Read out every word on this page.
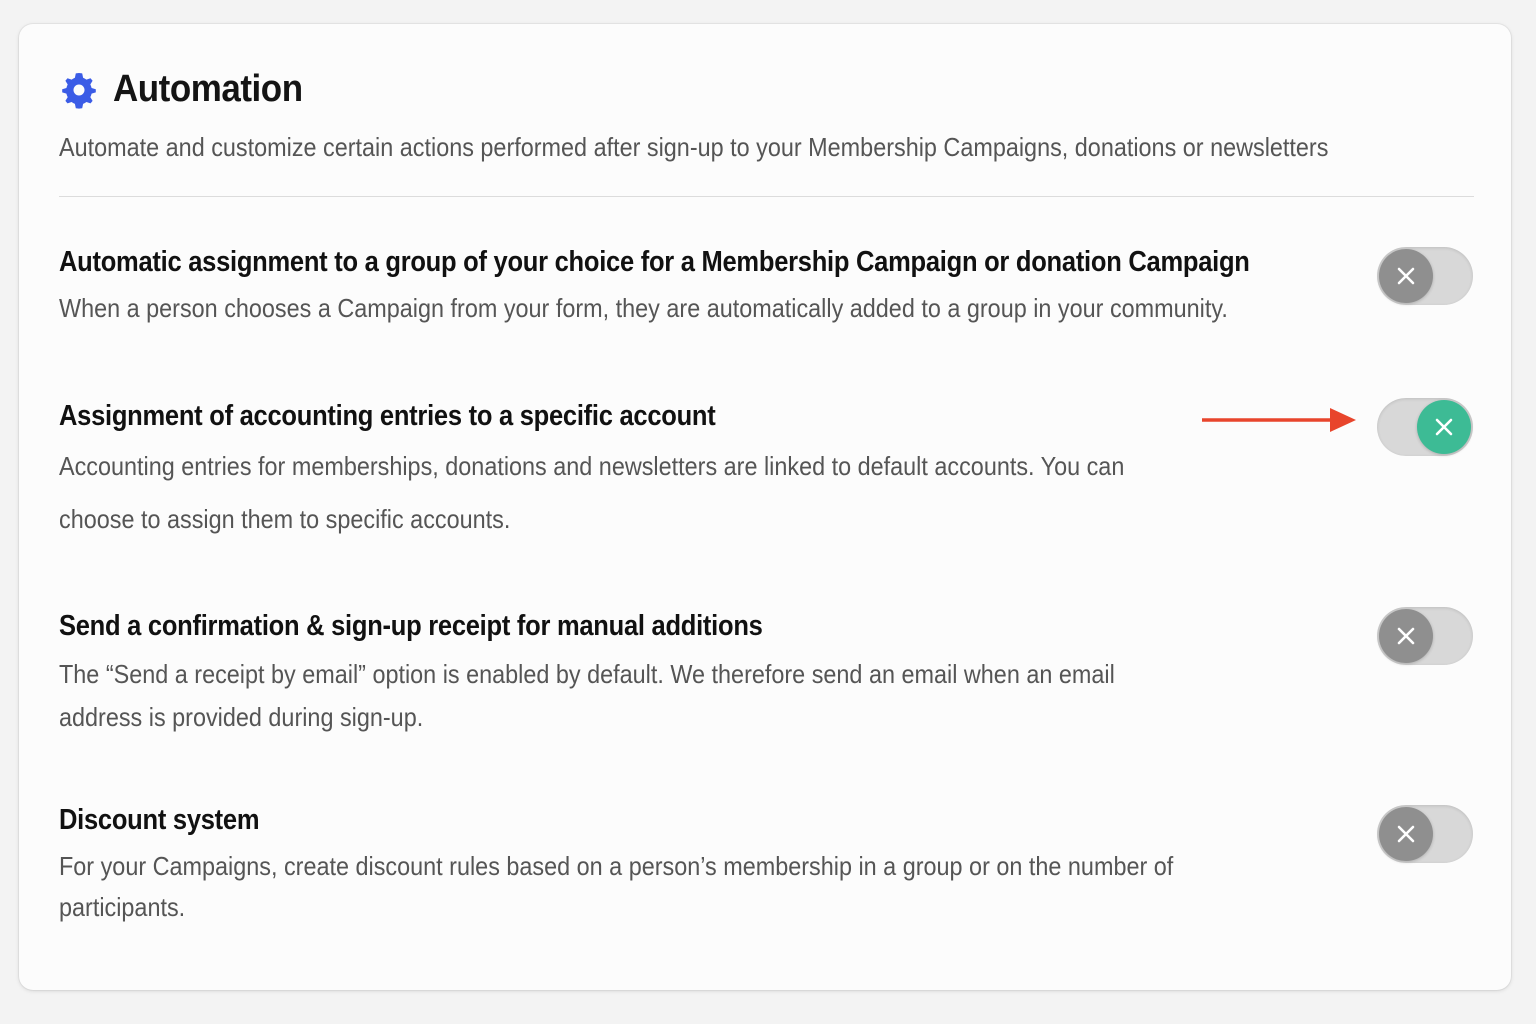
Automation
Automate and customize certain actions performed after sign-up to your Membership Campaigns, donations or newsletters
Automatic assignment to a group of your choice for a Membership Campaign or donation Campaign
When a person chooses a Campaign from your form, they are automatically added to a group in your community.
Assignment of accounting entries to a specific account
Accounting entries for memberships, donations and newsletters are linked to default accounts. You can
choose to assign them to specific accounts.
Send a confirmation & sign-up receipt for manual additions
The “Send a receipt by email” option is enabled by default. We therefore send an email when an email
address is provided during sign-up.
Discount system
For your Campaigns, create discount rules based on a person’s membership in a group or on the number of
participants.
